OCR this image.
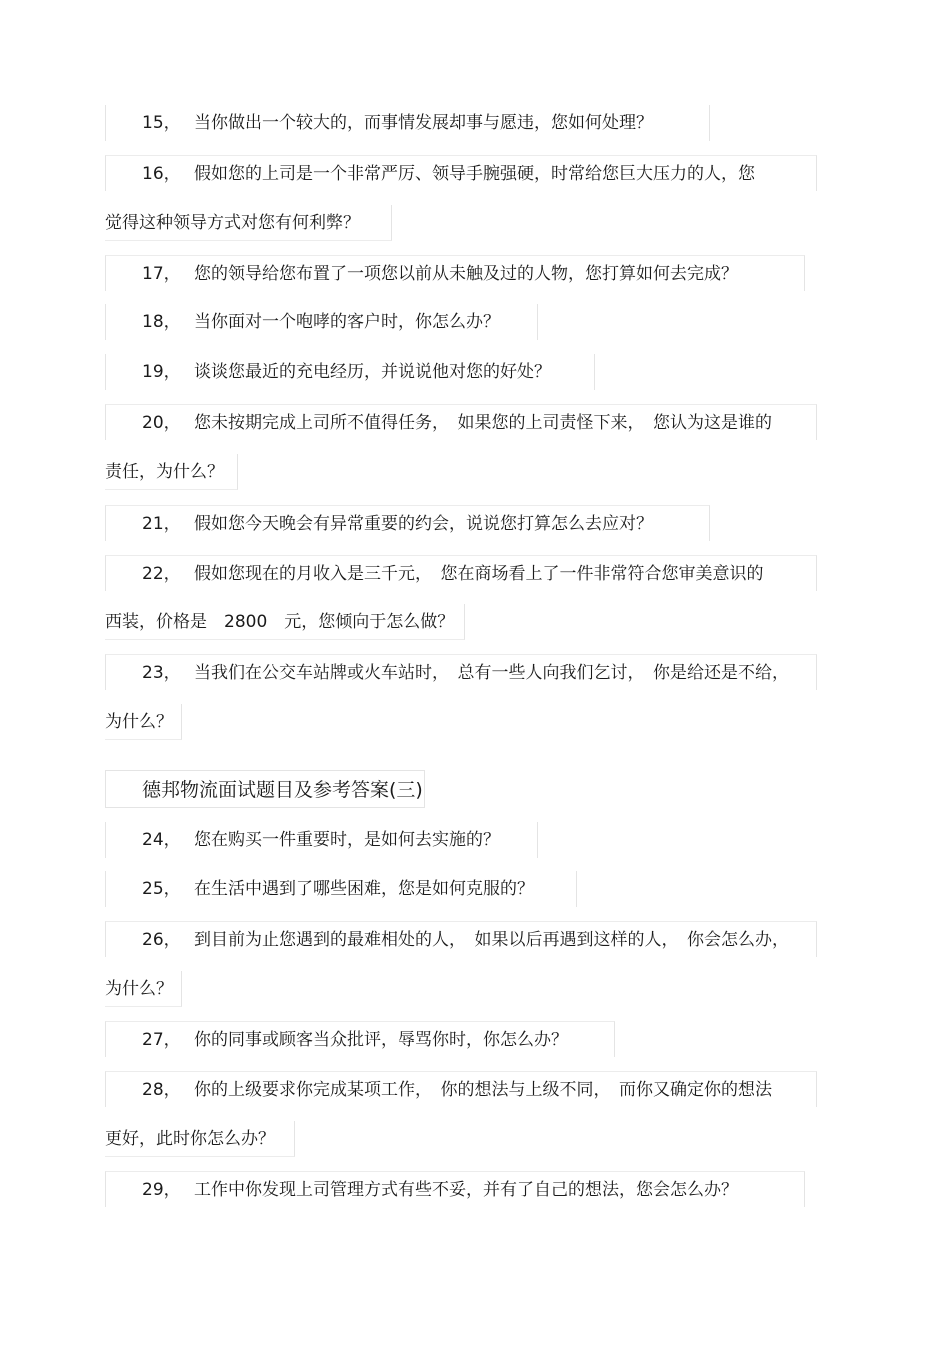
15， 当你做出一个较大的，而事情发展却事与愿违，您如何处理？
16， 假如您的上司是一个非常严厉、领导手腕强硬，时常给您巨大压力的人，您
觉得这种领导方式对您有何利弊？
17， 您的领导给您布置了一项您以前从未触及过的人物，您打算如何去完成？
18， 当你面对一个咆哮的客户时，你怎么办？
19， 谈谈您最近的充电经历，并说说他对您的好处？
20， 您未按期完成上司所不值得任务，　如果您的上司责怪下来，　您认为这是谁的
责任，为什么？
21， 假如您今天晚会有异常重要的约会，说说您打算怎么去应对？
22， 假如您现在的月收入是三千元，　您在商场看上了一件非常符合您审美意识的
西装，价格是　2800　元，您倾向于怎么做？
23， 当我们在公交车站牌或火车站时，　总有一些人向我们乞讨，　你是给还是不给，
为什么？
德邦物流面试题目及参考答案(三)
24， 您在购买一件重要时，是如何去实施的？
25， 在生活中遇到了哪些困难，您是如何克服的？
26， 到目前为止您遇到的最难相处的人，　如果以后再遇到这样的人，　你会怎么办，
为什么？
27， 你的同事或顾客当众批评，辱骂你时，你怎么办？
28， 你的上级要求你完成某项工作，　你的想法与上级不同，　而你又确定你的想法
更好，此时你怎么办？
29， 工作中你发现上司管理方式有些不妥，并有了自己的想法，您会怎么办？
